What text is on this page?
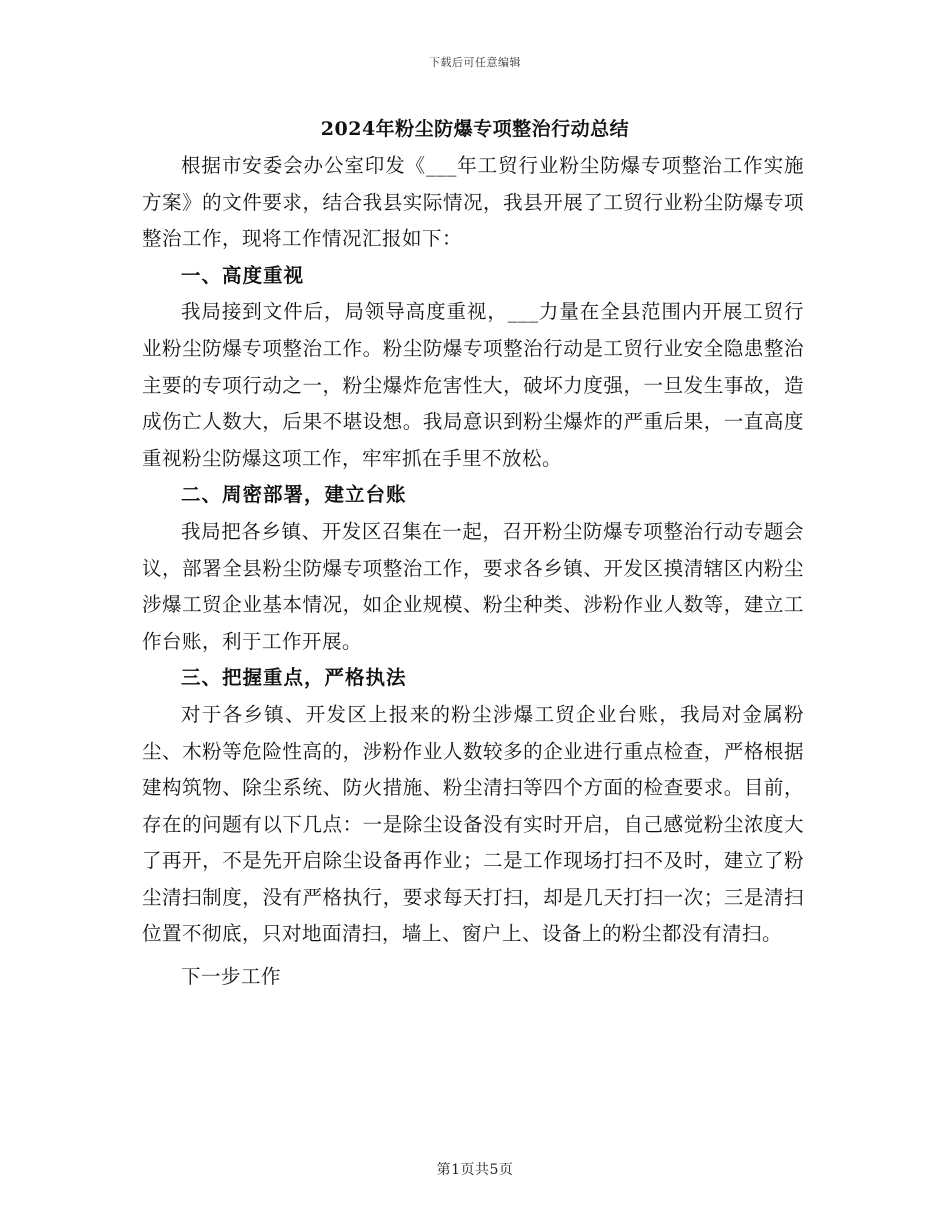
下载后可任意编辑
2024年粉尘防爆专项整治行动总结

根据市安委会办公室印发《___年工贸行业粉尘防爆专项整治工作实施方案》的文件要求，结合我县实际情况，我县开展了工贸行业粉尘防爆专项整治工作，现将工作情况汇报如下：

一、高度重视

我局接到文件后，局领导高度重视，___力量在全县范围内开展工贸行业粉尘防爆专项整治工作。粉尘防爆专项整治行动是工贸行业安全隐患整治主要的专项行动之一，粉尘爆炸危害性大，破坏力度强，一旦发生事故，造成伤亡人数大，后果不堪设想。我局意识到粉尘爆炸的严重后果，一直高度重视粉尘防爆这项工作，牢牢抓在手里不放松。

二、周密部署，建立台账

我局把各乡镇、开发区召集在一起，召开粉尘防爆专项整治行动专题会议，部署全县粉尘防爆专项整治工作，要求各乡镇、开发区摸清辖区内粉尘涉爆工贸企业基本情况，如企业规模、粉尘种类、涉粉作业人数等，建立工作台账，利于工作开展。

三、把握重点，严格执法

对于各乡镇、开发区上报来的粉尘涉爆工贸企业台账，我局对金属粉尘、木粉等危险性高的，涉粉作业人数较多的企业进行重点检查，严格根据建构筑物、除尘系统、防火措施、粉尘清扫等四个方面的检查要求。目前，存在的问题有以下几点：一是除尘设备没有实时开启，自己感觉粉尘浓度大了再开，不是先开启除尘设备再作业；二是工作现场打扫不及时，建立了粉尘清扫制度，没有严格执行，要求每天打扫，却是几天打扫一次；三是清扫位置不彻底，只对地面清扫，墙上、窗户上、设备上的粉尘都没有清扫。

下一步工作

第1页共5页
